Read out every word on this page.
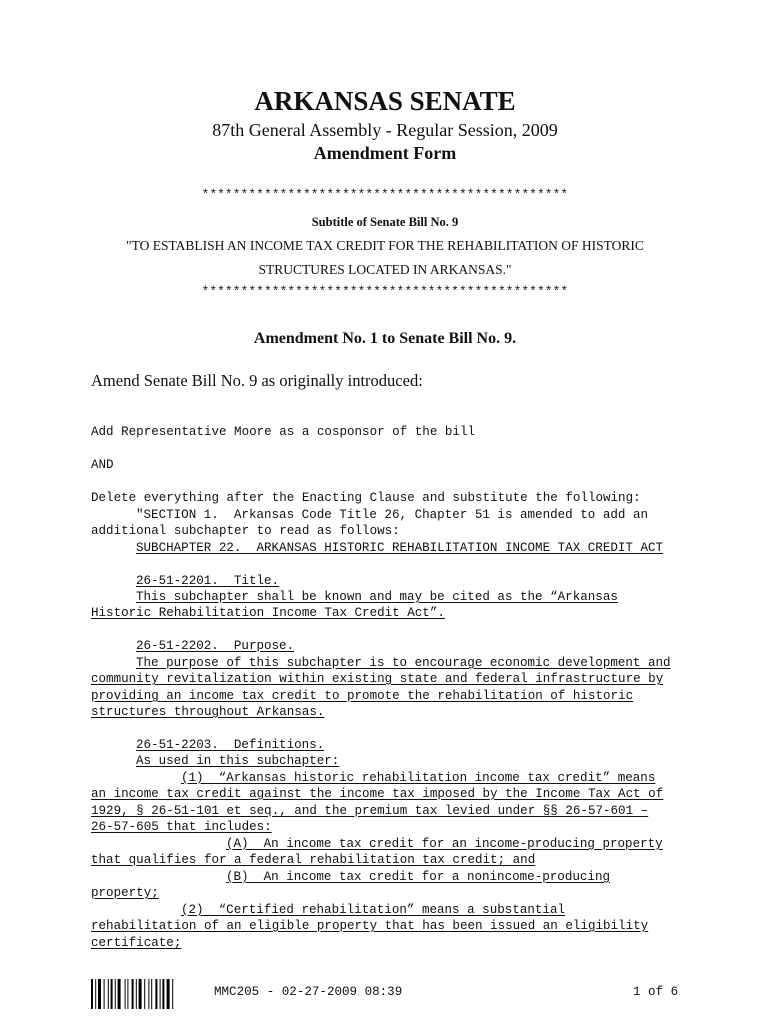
ARKANSAS SENATE
87th General Assembly - Regular Session, 2009
Amendment Form
***********************************************
Subtitle of Senate Bill No. 9
"TO ESTABLISH AN INCOME TAX CREDIT FOR THE REHABILITATION OF HISTORIC
STRUCTURES LOCATED IN ARKANSAS."
***********************************************
Amendment No. 1 to Senate Bill No. 9.
Amend Senate Bill No. 9 as originally introduced:
Add Representative Moore as a cosponsor of the bill
AND
Delete everything after the Enacting Clause and substitute the following:
"SECTION 1.  Arkansas Code Title 26, Chapter 51 is amended to add an
additional subchapter to read as follows:
SUBCHAPTER 22.  ARKANSAS HISTORIC REHABILITATION INCOME TAX CREDIT ACT
26-51-2201.  Title.
This subchapter shall be known and may be cited as the “Arkansas
Historic Rehabilitation Income Tax Credit Act”.
26-51-2202.  Purpose.
The purpose of this subchapter is to encourage economic development and
community revitalization within existing state and federal infrastructure by
providing an income tax credit to promote the rehabilitation of historic
structures throughout Arkansas.
26-51-2203.  Definitions.
As used in this subchapter:
(1)  “Arkansas historic rehabilitation income tax credit” means
an income tax credit against the income tax imposed by the Income Tax Act of
1929, § 26-51-101 et seq., and the premium tax levied under §§ 26-57-601 –
26-57-605 that includes:
(A)  An income tax credit for an income-producing property
that qualifies for a federal rehabilitation tax credit; and
(B)  An income tax credit for a nonincome-producing
property;
(2)  “Certified rehabilitation” means a substantial
rehabilitation of an eligible property that has been issued an eligibility
certificate;
MMC205 - 02-27-2009 08:39	1 of 6
